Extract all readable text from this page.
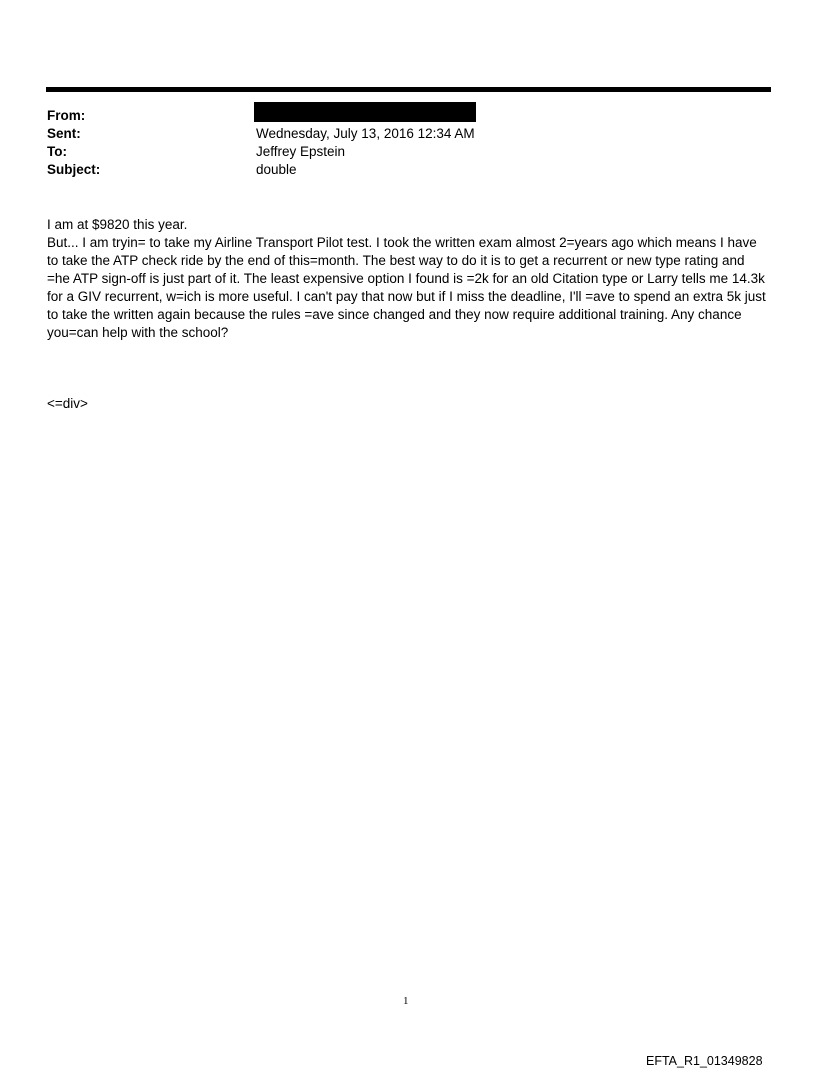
From:
Sent:	Wednesday, July 13, 2016 12:34 AM
To:	Jeffrey Epstein
Subject:	double

I am at $9820 this year.

But... I am tryin= to take my Airline Transport Pilot test. I took the written exam almost 2=years ago which means I have

to take the ATP check ride by the end of this=month. The best way to do it is to get a recurrent or new type rating and

=he ATP sign-off is just part of it. The least expensive option I found is =2k for an old Citation type or Larry tells me 14.3k

for a GIV recurrent, w=ich is more useful. I can't pay that now but if I miss the deadline, I'll =ave to spend an extra 5k just

to take the written again because the rules =ave since changed and they now require additional training. Any chance

you=can help with the school?

<=div>
1
EFTA_R1_01349828
